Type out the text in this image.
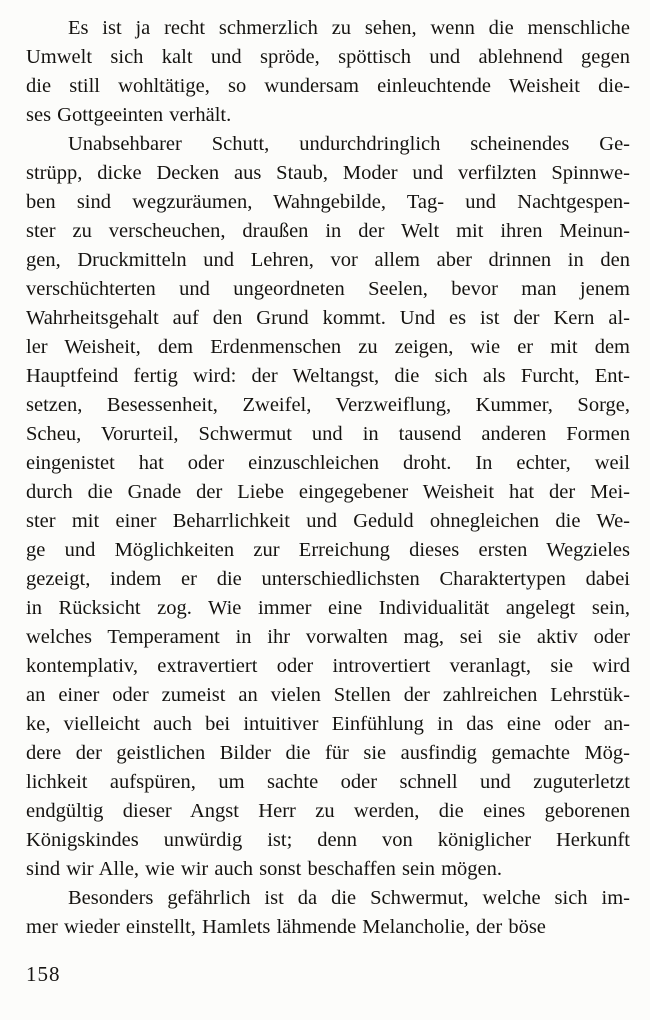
Es ist ja recht schmerzlich zu sehen, wenn die menschliche
Umwelt sich kalt und spröde, spöttisch und ablehnend gegen
die still wohltätige, so wundersam einleuchtende Weisheit die-
ses Gottgeeinten verhält.
Unabsehbarer Schutt, undurchdringlich scheinendes Ge-
strüpp, dicke Decken aus Staub, Moder und verfilzten Spinnwe-
ben sind wegzuräumen, Wahngebilde, Tag- und Nachtgespen-
ster zu verscheuchen, draußen in der Welt mit ihren Meinun-
gen, Druckmitteln und Lehren, vor allem aber drinnen in den
verschüchterten und ungeordneten Seelen, bevor man jenem
Wahrheitsgehalt auf den Grund kommt. Und es ist der Kern al-
ler Weisheit, dem Erdenmenschen zu zeigen, wie er mit dem
Hauptfeind fertig wird: der Weltangst, die sich als Furcht, Ent-
setzen, Besessenheit, Zweifel, Verzweiflung, Kummer, Sorge,
Scheu, Vorurteil, Schwermut und in tausend anderen Formen
eingenistet hat oder einzuschleichen droht. In echter, weil
durch die Gnade der Liebe eingegebener Weisheit hat der Mei-
ster mit einer Beharrlichkeit und Geduld ohnegleichen die We-
ge und Möglichkeiten zur Erreichung dieses ersten Wegzieles
gezeigt, indem er die unterschiedlichsten Charaktertypen dabei
in Rücksicht zog. Wie immer eine Individualität angelegt sein,
welches Temperament in ihr vorwalten mag, sei sie aktiv oder
kontemplativ, extravertiert oder introvertiert veranlagt, sie wird
an einer oder zumeist an vielen Stellen der zahlreichen Lehrstük-
ke, vielleicht auch bei intuitiver Einfühlung in das eine oder an-
dere der geistlichen Bilder die für sie ausfindig gemachte Mög-
lichkeit aufspüren, um sachte oder schnell und zuguterletzt
endgültig dieser Angst Herr zu werden, die eines geborenen
Königskindes unwürdig ist; denn von königlicher Herkunft
sind wir Alle, wie wir auch sonst beschaffen sein mögen.
Besonders gefährlich ist da die Schwermut, welche sich im-
mer wieder einstellt, Hamlets lähmende Melancholie, der böse
158
